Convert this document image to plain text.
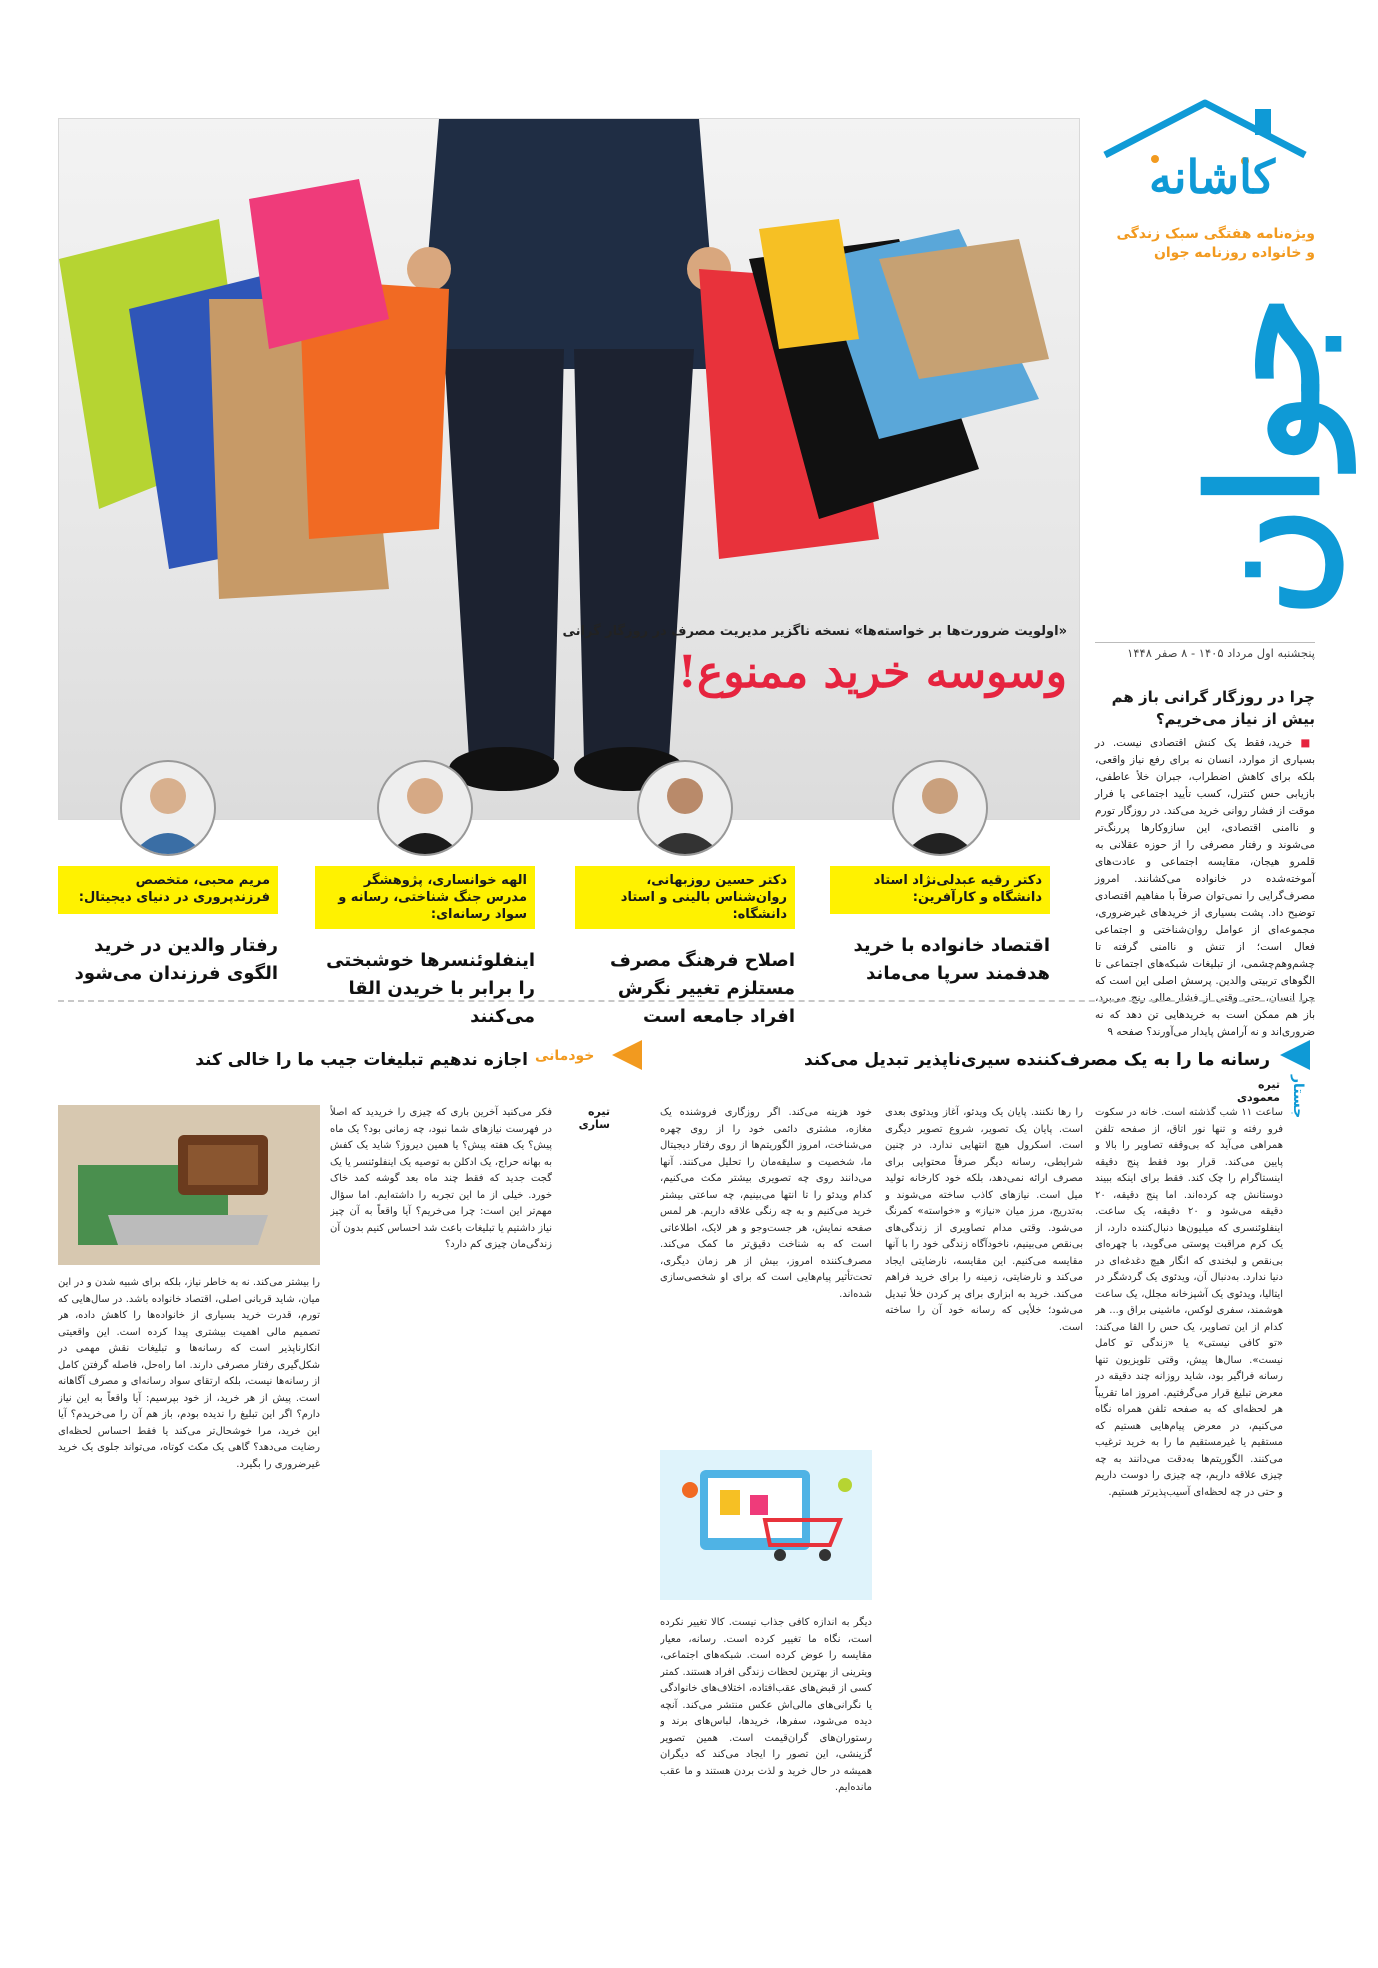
کاشانه
ویژه‌نامه هفتگی سبک زندگی و خانواده روزنامه جوان
جوان
پنجشنبه اول مرداد ۱۴۰۵ - ۸ صفر ۱۴۴۸
«اولویت ضرورت‌ها بر خواسته‌ها» نسخه ناگزیر مدیریت مصرف در روزگار گرانی
وسوسه خرید ممنوع!
دکتر رقیه عبدلی‌نژاد استاد دانشگاه و کارآفرین:
اقتصاد خانواده با خرید هدفمند سرپا می‌ماند
دکتر حسین روزبهانی، روان‌شناس بالینی و استاد دانشگاه:
اصلاح فرهنگ مصرف مستلزم تغییر نگرش افراد جامعه است
الهه خوانساری، پژوهشگر مدرس جنگ شناختی، رسانه و سواد رسانه‌ای:
اینفلوئنسرها خوشبختی را برابر با خریدن القا می‌کنند
مریم محبی، متخصص فرزندپروری در دنیای دیجیتال:
رفتار والدین در خرید الگوی فرزندان می‌شود
چرا در روزگار گرانی باز هم بیش از نیاز می‌خریم؟
■ خرید، فقط یک کنش اقتصادی نیست. در بسیاری از موارد، انسان نه برای رفع نیاز واقعی، بلکه برای کاهش اضطراب، جبران خلأ عاطفی، بازیابی حس کنترل، کسب تأیید اجتماعی یا فرار موقت از فشار روانی خرید می‌کند. در روزگار تورم و ناامنی اقتصادی، این سازوکارها پررنگ‌تر می‌شوند و رفتار مصرفی را از حوزه عقلانی به قلمرو هیجان، مقایسه اجتماعی و عادت‌های آموخته‌شده در خانواده می‌کشانند. امروز مصرف‌گرایی را نمی‌توان صرفاً با مفاهیم اقتصادی توضیح داد. پشت بسیاری از خریدهای غیرضروری، مجموعه‌ای از عوامل روان‌شناختی و اجتماعی فعال است؛ از تنش و ناامنی گرفته تا چشم‌وهم‌چشمی، از تبلیغات شبکه‌های اجتماعی تا الگوهای تربیتی والدین. پرسش اصلی این است که چرا انسان، حتی وقتی از فشار مالی رنج می‌برد، باز هم ممکن است به خریدهایی تن دهد که نه ضروری‌اند و نه آرامش پایدار می‌آورند؟ صفحه ۹
رسانه ما را به یک مصرف‌کننده سیری‌ناپذیر تبدیل می‌کند
جستار
تیره معمودی
ساعت ۱۱ شب گذشته است. خانه در سکوت فرو رفته و تنها نور اتاق، از صفحه تلفن همراهی می‌آید که بی‌وقفه تصاویر را بالا و پایین می‌کند. قرار بود فقط پنج دقیقه اینستاگرام را چک کند. فقط برای اینکه ببیند دوستانش چه کرده‌اند. اما پنج دقیقه، ۲۰ دقیقه می‌شود و ۲۰ دقیقه، یک ساعت. اینفلوئنسری که میلیون‌ها دنبال‌کننده دارد، از یک کرم مراقبت پوستی می‌گوید، با چهره‌ای بی‌نقص و لبخندی که انگار هیچ دغدغه‌ای در دنیا ندارد. به‌دنبال آن، ویدئوی یک گردشگر در ایتالیا، ویدئوی یک آشپزخانه مجلل، یک ساعت هوشمند، سفری لوکس، ماشینی براق و... هر کدام از این تصاویر، یک حس را القا می‌کند: «تو کافی نیستی» یا «زندگی تو کامل نیست». سال‌ها پیش، وقتی تلویزیون تنها رسانه فراگیر بود، شاید روزانه چند دقیقه در معرض تبلیغ قرار می‌گرفتیم. امروز اما تقریباً هر لحظه‌ای که به صفحه تلفن همراه نگاه می‌کنیم، در معرض پیام‌هایی هستیم که مستقیم یا غیرمستقیم ما را به خرید ترغیب می‌کنند. الگوریتم‌ها به‌دقت می‌دانند به چه چیزی علاقه داریم، چه چیزی را دوست داریم و حتی در چه لحظه‌ای آسیب‌پذیرتر هستیم.
را رها نکنند. پایان یک ویدئو، آغاز ویدئوی بعدی است. پایان یک تصویر، شروع تصویر دیگری است. اسکرول هیچ انتهایی ندارد. در چنین شرایطی، رسانه دیگر صرفاً محتوایی برای مصرف ارائه نمی‌دهد، بلکه خود کارخانه تولید میل است. نیازهای کاذب ساخته می‌شوند و به‌تدریج، مرز میان «نیاز» و «خواسته» کمرنگ می‌شود. وقتی مدام تصاویری از زندگی‌های بی‌نقص می‌بینیم، ناخودآگاه زندگی خود را با آنها مقایسه می‌کنیم. این مقایسه، نارضایتی ایجاد می‌کند و نارضایتی، زمینه را برای خرید فراهم می‌کند. خرید به ابزاری برای پر کردن خلأ تبدیل می‌شود؛ خلأیی که رسانه خود آن را ساخته است.
خود هزینه می‌کند. اگر روزگاری فروشنده یک مغازه، مشتری دائمی خود را از روی چهره می‌شناخت، امروز الگوریتم‌ها از روی رفتار دیجیتال ما، شخصیت و سلیقه‌مان را تحلیل می‌کنند. آنها می‌دانند روی چه تصویری بیشتر مکث می‌کنیم، کدام ویدئو را تا انتها می‌بینیم، چه ساعتی بیشتر خرید می‌کنیم و به چه رنگی علاقه داریم. هر لمس صفحه نمایش، هر جست‌وجو و هر لایک، اطلاعاتی است که به شناخت دقیق‌تر ما کمک می‌کند. مصرف‌کننده امروز، بیش از هر زمان دیگری، تحت‌تأثیر پیام‌هایی است که برای او شخصی‌سازی شده‌اند.
دیگر به اندازه کافی جذاب نیست. کالا تغییر نکرده است، نگاه ما تغییر کرده است. رسانه، معیار مقایسه را عوض کرده است. شبکه‌های اجتماعی، ویترینی از بهترین لحظات زندگی افراد هستند. کمتر کسی از قبض‌های عقب‌افتاده، اختلاف‌های خانوادگی یا نگرانی‌های مالی‌اش عکس منتشر می‌کند. آنچه دیده می‌شود، سفرها، خریدها، لباس‌های برند و رستوران‌های گران‌قیمت است. همین تصویر گزینشی، این تصور را ایجاد می‌کند که دیگران همیشه در حال خرید و لذت بردن هستند و ما عقب مانده‌ایم.
خودمانی
اجازه ندهیم تبلیغات جیب ما را خالی کند
تیره ساری
فکر می‌کنید آخرین باری که چیزی را خریدید که اصلاً در فهرست نیازهای شما نبود، چه زمانی بود؟ یک ماه پیش؟ یک هفته پیش؟ یا همین دیروز؟ شاید یک کفش به بهانه حراج، یک ادکلن به توصیه یک اینفلوئنسر یا یک گجت جدید که فقط چند ماه بعد گوشه کمد خاک خورد. خیلی از ما این تجربه را داشته‌ایم. اما سؤال مهم‌تر این است: چرا می‌خریم؟ آیا واقعاً به آن چیز نیاز داشتیم یا تبلیغات باعث شد احساس کنیم بدون آن زندگی‌مان چیزی کم دارد؟
را بیشتر می‌کند. نه به خاطر نیاز، بلکه برای شبیه شدن و در این میان، شاید قربانی اصلی، اقتصاد خانواده باشد. در سال‌هایی که تورم، قدرت خرید بسیاری از خانواده‌ها را کاهش داده، هر تصمیم مالی اهمیت بیشتری پیدا کرده است. این واقعیتی انکارناپذیر است که رسانه‌ها و تبلیغات نقش مهمی در شکل‌گیری رفتار مصرفی دارند. اما راه‌حل، فاصله گرفتن کامل از رسانه‌ها نیست، بلکه ارتقای سواد رسانه‌ای و مصرف آگاهانه است. پیش از هر خرید، از خود بپرسیم: آیا واقعاً به این نیاز دارم؟ اگر این تبلیغ را ندیده بودم، باز هم آن را می‌خریدم؟ آیا این خرید، مرا خوشحال‌تر می‌کند یا فقط احساس لحظه‌ای رضایت می‌دهد؟ گاهی یک مکث کوتاه، می‌تواند جلوی یک خرید غیرضروری را بگیرد.
